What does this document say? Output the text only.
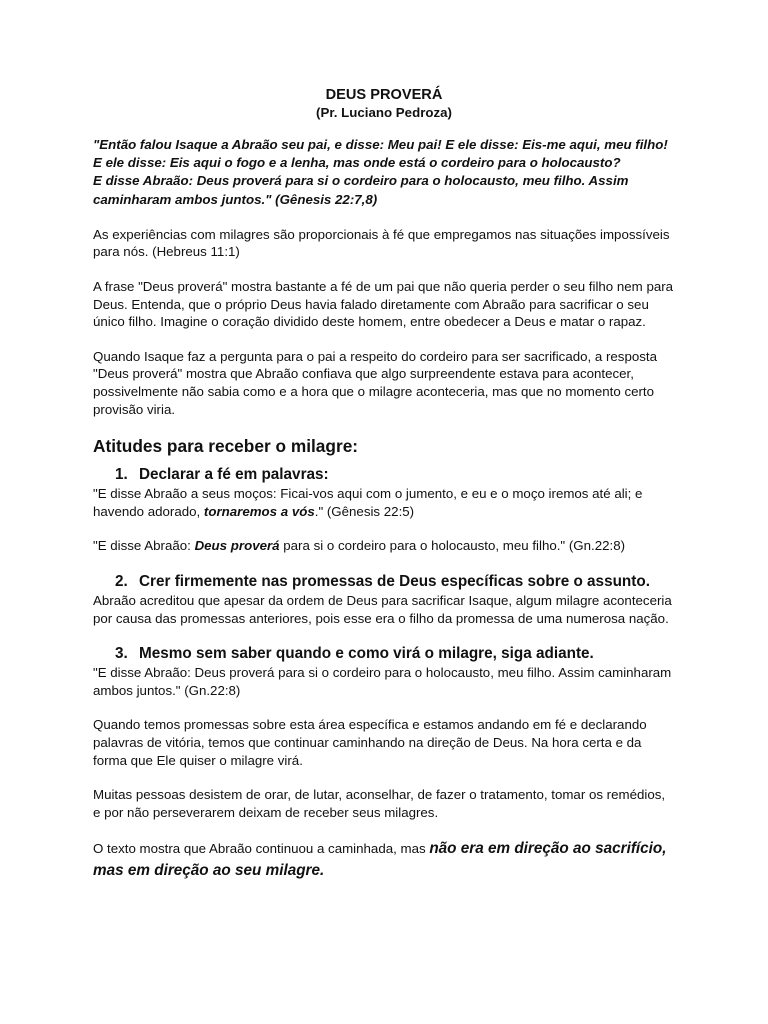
DEUS PROVERÁ

(Pr. Luciano Pedroza)

"Então falou Isaque a Abraão seu pai, e disse: Meu pai! E ele disse: Eis-me aqui, meu filho! E ele disse: Eis aqui o fogo e a lenha, mas onde está o cordeiro para o holocausto?

E disse Abraão: Deus proverá para si o cordeiro para o holocausto, meu filho. Assim caminharam ambos juntos." (Gênesis 22:7,8)

As experiências com milagres são proporcionais à fé que empregamos nas situações impossíveis para nós. (Hebreus 11:1)

A frase "Deus proverá" mostra bastante a fé de um pai que não queria perder o seu filho nem para Deus. Entenda, que o próprio Deus havia falado diretamente com Abraão para sacrificar o seu único filho. Imagine o coração dividido deste homem, entre obedecer a Deus e matar o rapaz.

Quando Isaque faz a pergunta para o pai a respeito do cordeiro para ser sacrificado, a resposta "Deus proverá" mostra que Abraão confiava que algo surpreendente estava para acontecer, possivelmente não sabia como e a hora que o milagre aconteceria, mas que no momento certo provisão viria.

Atitudes para receber o milagre:

1. Declarar a fé em palavras:

"E disse Abraão a seus moços: Ficai-vos aqui com o jumento, e eu e o moço iremos até ali; e havendo adorado, tornaremos a vós." (Gênesis 22:5)

"E disse Abraão: Deus proverá para si o cordeiro para o holocausto, meu filho." (Gn.22:8)

2. Crer firmemente nas promessas de Deus específicas sobre o assunto.

Abraão acreditou que apesar da ordem de Deus para sacrificar Isaque, algum milagre aconteceria por causa das promessas anteriores, pois esse era o filho da promessa de uma numerosa nação.

3. Mesmo sem saber quando e como virá o milagre, siga adiante.

"E disse Abraão: Deus proverá para si o cordeiro para o holocausto, meu filho. Assim caminharam ambos juntos." (Gn.22:8)

Quando temos promessas sobre esta área específica e estamos andando em fé e declarando palavras de vitória, temos que continuar caminhando na direção de Deus. Na hora certa e da forma que Ele quiser o milagre virá.

Muitas pessoas desistem de orar, de lutar, aconselhar, de fazer o tratamento, tomar os remédios, e por não perseverarem deixam de receber seus milagres.

O texto mostra que Abraão continuou a caminhada, mas não era em direção ao sacrifício, mas em direção ao seu milagre.
